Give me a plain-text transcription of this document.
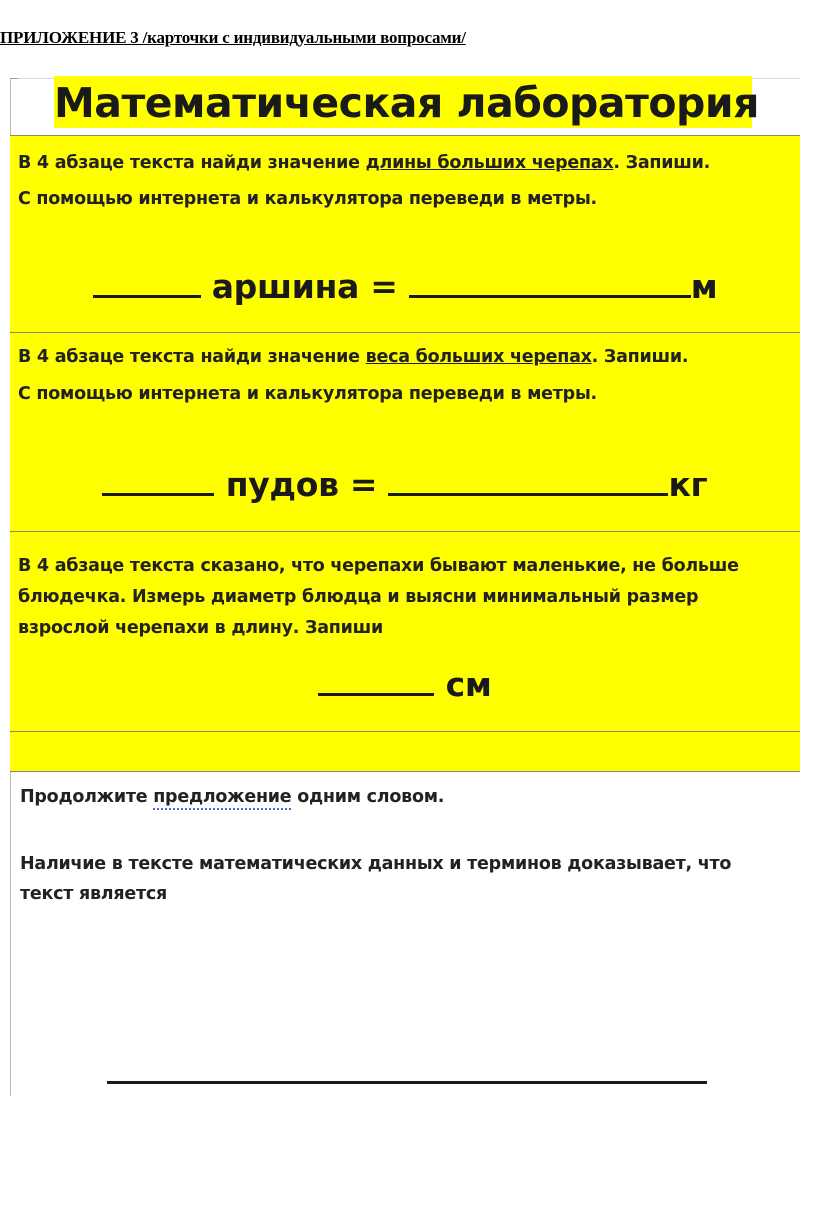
ПРИЛОЖЕНИЕ 3 /карточки с индивидуальными вопросами/

Математическая лаборатория

В 4 абзаце текста найди значение длины больших черепах. Запиши.

С помощью интернета и калькулятора переведи в метры.

аршина =	м

В 4 абзаце текста найди значение веса больших черепах. Запиши.

С помощью интернета и калькулятора переведи в метры.

пудов =	кг

В 4 абзаце текста сказано, что черепахи бывают маленькие, не больше

блюдечка. Измерь диаметр блюдца и выясни минимальный размер

взрослой черепахи в длину. Запиши

см

Продолжите предложение одним словом.

Наличие в тексте математических данных и терминов доказывает, что

текст является
